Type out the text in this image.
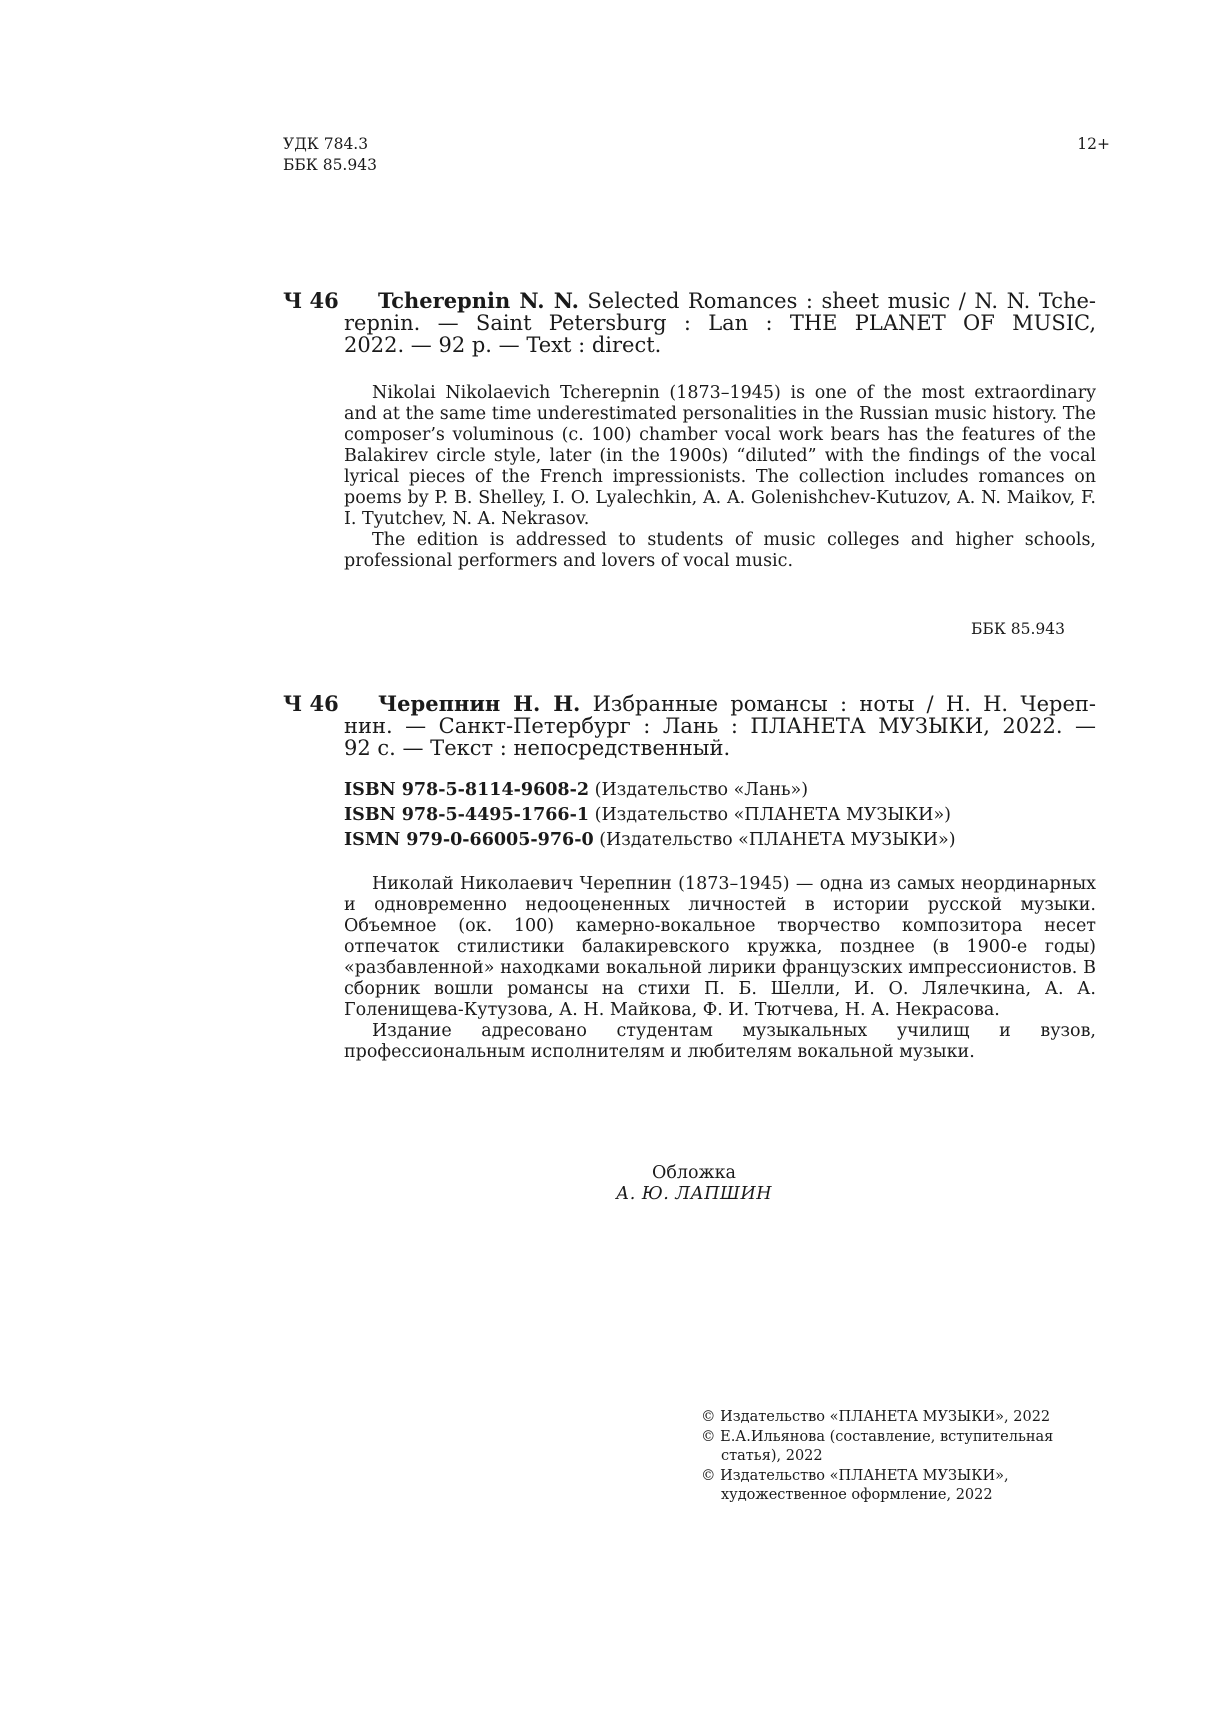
УДК 784.3
ББК 85.943
12+
Ч 46	Tcherepnin N. N. Selected Romances : sheet music / N. N. Tche-
repnin. — Saint Petersburg : Lan : THE PLANET OF MUSIC,
2022. — 92 p. — Text : direct.

Nikolai Nikolaevich Tcherepnin (1873–1945) is one of the most extraordinary and at the same time underestimated personalities in the Russian music history. The composer’s voluminous (c. 100) chamber vocal work bears has the features of the Balakirev circle style, later (in the 1900s) “diluted” with the findings of the vocal lyrical pieces of the French impressionists. The collection includes romances on poems by P. B. Shelley, I. O. Lyalechkin, A. A. Golenishchev-Kutuzov, A. N. Maikov, F. I. Tyutchev, N. A. Nekrasov.

The edition is addressed to students of music colleges and higher schools, professional performers and lovers of vocal music.

ББК 85.943
Ч 46	Черепнин Н. Н. Избранные романсы : ноты / Н. Н. Череп-
нин. — Санкт-Петербург : Лань : ПЛАНЕТА МУЗЫКИ, 2022. —
92 с. — Текст : непосредственный.
ISBN 978-5-8114-9608-2 (Издательство «Лань»)
ISBN 978-5-4495-1766-1 (Издательство «ПЛАНЕТА МУЗЫКИ»)
ISMN 979-0-66005-976-0 (Издательство «ПЛАНЕТА МУЗЫКИ»)

Николай Николаевич Черепнин (1873–1945) — одна из самых неординарных и одновременно недооцененных личностей в истории русской музыки. Объемное (ок. 100) камерно-вокальное творчество композитора несет отпечаток стилистики балакиревского кружка, позднее (в 1900-е годы) «разбавленной» находками вокальной лирики французских импрессионистов. В сборник вошли романсы на стихи П. Б. Шелли, И. О. Лялечкина, А. А. Голенищева-Кутузова, А. Н. Майкова, Ф. И. Тютчева, Н. А. Некрасова.

Издание адресовано студентам музыкальных училищ и вузов, профессиональным исполнителям и любителям вокальной музыки.

Обложка
А. Ю. ЛАПШИН
© Издательство «ПЛАНЕТА МУЗЫКИ», 2022
© Е.А.Ильянова (составление, вступительная статья), 2022
© Издательство «ПЛАНЕТА МУЗЫКИ», художественное оформление, 2022
